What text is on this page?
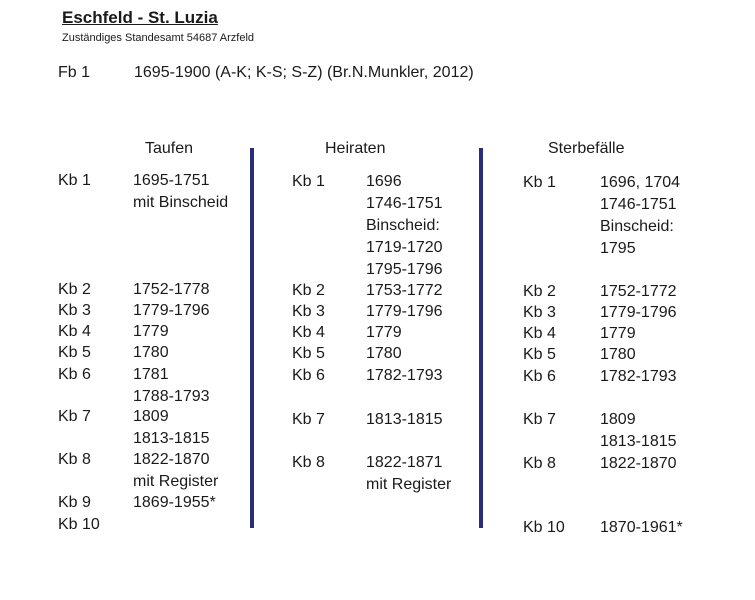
Eschfeld - St. Luzia
Zuständiges Standesamt 54687 Arzfeld
Fb 1	1695-1900 (A-K; K-S; S-Z) (Br.N.Munkler, 2012)
Taufen	Heiraten	Sterbefälle
Kb 1	1695-1751
mit Binscheid
Kb 2	1752-1778
Kb 3	1779-1796
Kb 4	1779
Kb 5	1780
Kb 6	1781
1788-1793
Kb 7	1809
1813-1815
Kb 8	1822-1870
mit Register
Kb 9	1869-1955*
Kb 10
Kb 1	1696
1746-1751
Binscheid:
1719-1720
1795-1796
Kb 2	1753-1772
Kb 3	1779-1796
Kb 4	1779
Kb 5	1780
Kb 6	1782-1793
Kb 7	1813-1815
Kb 8	1822-1871
mit Register
Kb 1	1696, 1704
1746-1751
Binscheid:
1795
Kb 2	1752-1772
Kb 3	1779-1796
Kb 4	1779
Kb 5	1780
Kb 6	1782-1793
Kb 7	1809
1813-1815
Kb 8	1822-1870
Kb 10 1870-1961*
